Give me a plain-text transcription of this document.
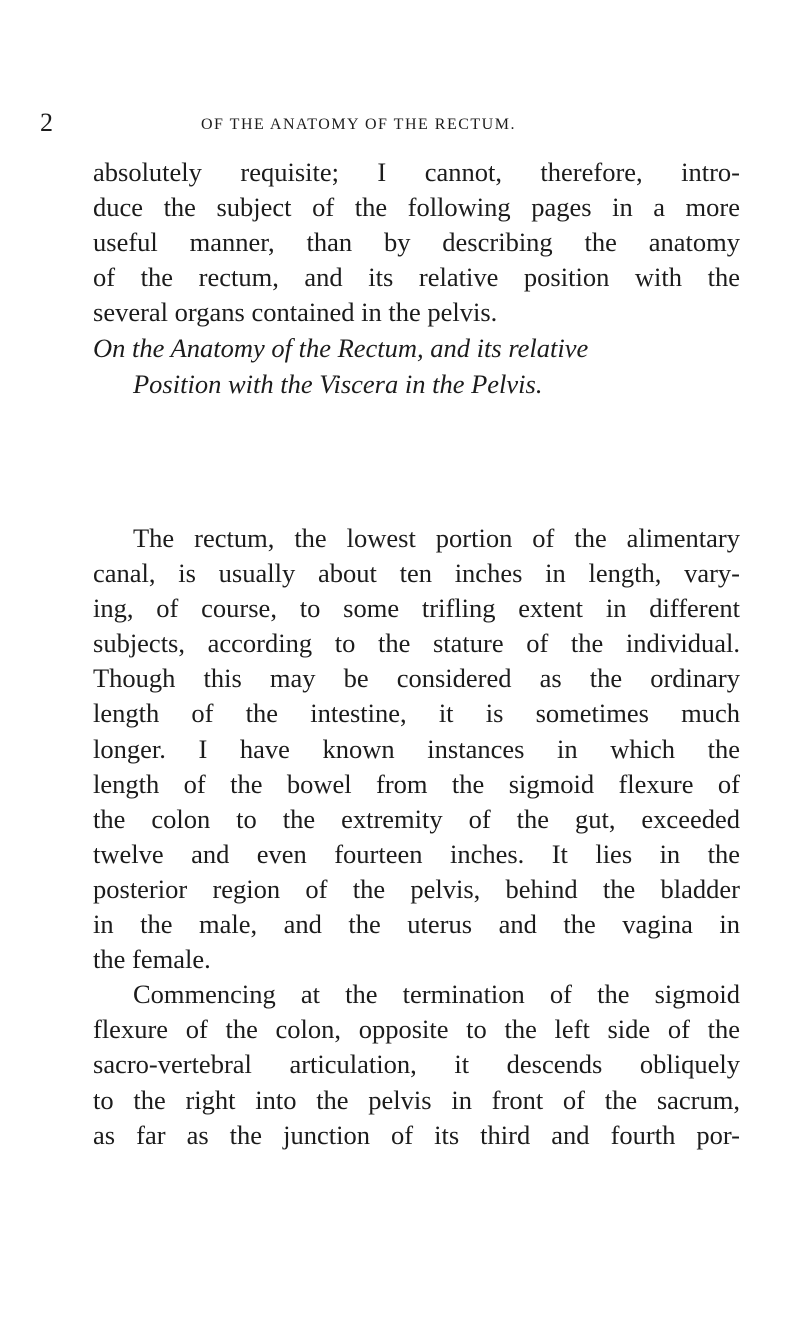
2	OF THE ANATOMY OF THE RECTUM.
absolutely requisite; I cannot, therefore, intro-
duce the subject of the following pages in a more
useful manner, than by describing the anatomy
of the rectum, and its relative position with the
several organs contained in the pelvis.
On the Anatomy of the Rectum, and its relative
Position with the Viscera in the Pelvis.
The rectum, the lowest portion of the alimentary
canal, is usually about ten inches in length, vary-
ing, of course, to some trifling extent in different
subjects, according to the stature of the individual.
Though this may be considered as the ordinary
length of the intestine, it is sometimes much
longer. I have known instances in which the
length of the bowel from the sigmoid flexure of
the colon to the extremity of the gut, exceeded
twelve and even fourteen inches. It lies in the
posterior region of the pelvis, behind the bladder
in the male, and the uterus and the vagina in
the female.
Commencing at the termination of the sigmoid
flexure of the colon, opposite to the left side of the
sacro-vertebral articulation, it descends obliquely
to the right into the pelvis in front of the sacrum,
as far as the junction of its third and fourth por-
